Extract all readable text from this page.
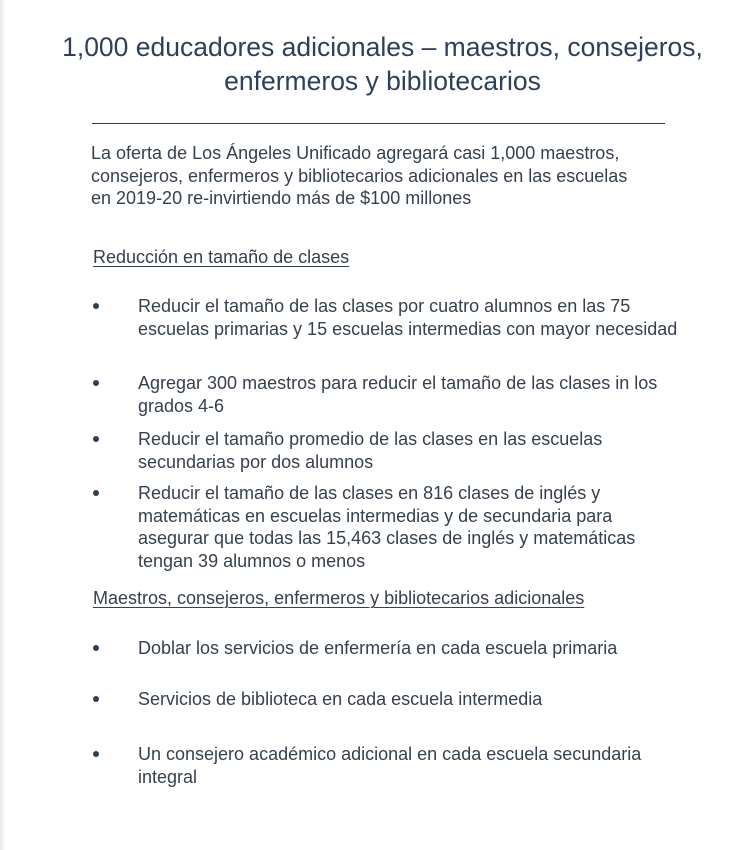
1,000 educadores adicionales – maestros, consejeros, enfermeros y bibliotecarios
La oferta de Los Ángeles Unificado agregará casi 1,000 maestros,
consejeros, enfermeros y bibliotecarios adicionales en las escuelas
en 2019-20 re-invirtiendo más de $100 millones
Reducción en tamaño de clases
Reducir el tamaño de las clases por cuatro alumnos en las 75
escuelas primarias y 15 escuelas intermedias con mayor necesidad
Agregar 300 maestros para reducir el tamaño de las clases in los
grados 4-6
Reducir el tamaño promedio de las clases en las escuelas
secundarias por dos alumnos
Reducir el tamaño de las clases en 816 clases de inglés y
matemáticas en escuelas intermedias y de secundaria para
asegurar que todas las 15,463 clases de inglés y matemáticas
tengan 39 alumnos o menos
Maestros, consejeros, enfermeros y bibliotecarios adicionales
Doblar los servicios de enfermería en cada escuela primaria
Servicios de biblioteca en cada escuela intermedia
Un consejero académico adicional en cada escuela secundaria
integral
